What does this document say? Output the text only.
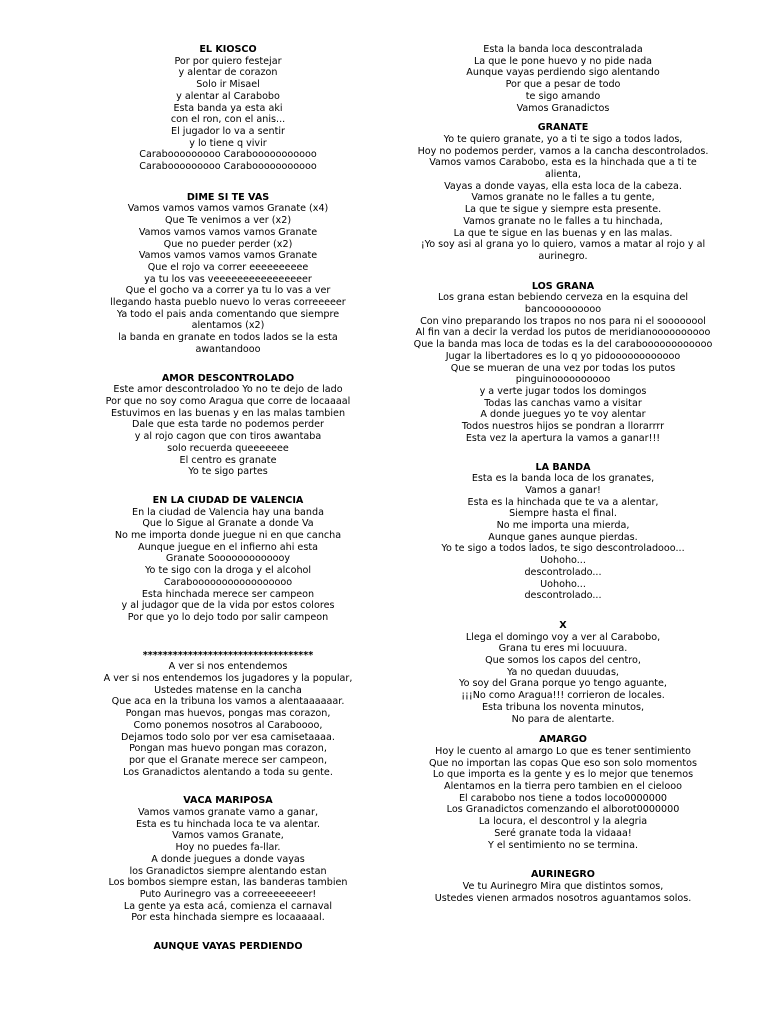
EL KIOSCO
Por por quiero festejar
y alentar de corazon
Solo ir Misael
y alentar al Carabobo
Esta banda ya esta aki
con el ron, con el anis...
El jugador lo va a sentir
y lo tiene q vivir
Carabooooooooo Carabooooooooooo
Carabooooooooo Carabooooooooooo
DIME SI TE VAS
Vamos vamos vamos vamos Granate (x4)
Que Te venimos a ver (x2)
Vamos vamos vamos vamos Granate
Que no pueder perder (x2)
Vamos vamos vamos vamos Granate
Que el rojo va correr eeeeeeeeee
ya tu los vas veeeeeeeeeeeeeeeer
Que el gocho va a correr ya tu lo vas a ver
llegando hasta pueblo nuevo lo veras correeeeer
Ya todo el pais anda comentando que siempre
alentamos (x2)
la banda en granate en todos lados se la esta
awantandooo
AMOR DESCONTROLADO
Este amor descontroladoo Yo no te dejo de lado
Por que no soy como Aragua que corre de locaaaal
Estuvimos en las buenas y en las malas tambien
Dale que esta tarde no podemos perder
y al rojo cagon que con tiros awantaba
solo recuerda queeeeeee
El centro es granate
Yo te sigo partes
EN LA CIUDAD DE VALENCIA
En la ciudad de Valencia hay una banda
Que lo Sigue al Granate a donde Va
No me importa donde juegue ni en que cancha
Aunque juegue en el infierno ahi esta
Granate Sooooooooooooy
Yo te sigo con la droga y el alcohol
Carabooooooooooooooooo
Esta hinchada merece ser campeon
y al judagor que de la vida por estos colores
Por que yo lo dejo todo por salir campeon
**********************************
A ver si nos entendemos
A ver si nos entendemos los jugadores y la popular,
Ustedes matense en la cancha
Que aca en la tribuna los vamos a alentaaaaaar.
Pongan mas huevos, pongas mas corazon,
Como ponemos nosotros al Caraboooo,
Dejamos todo solo por ver esa camisetaaaa.
Pongan mas huevo pongan mas corazon,
por que el Granate merece ser campeon,
Los Granadictos alentando a toda su gente.
VACA MARIPOSA
Vamos vamos granate vamo a ganar,
Esta es tu hinchada loca te va alentar.
Vamos vamos Granate,
Hoy no puedes fa-llar.
A donde juegues a donde vayas
los Granadictos siempre alentando estan
Los bombos siempre estan, las banderas tambien
Puto Aurinegro vas a correeeeeeeer!
La gente ya esta acá, comienza el carnaval
Por esta hinchada siempre es locaaaaal.
AUNQUE VAYAS PERDIENDO
Esta la banda loca descontralada
La que le pone huevo y no pide nada
Aunque vayas perdiendo sigo alentando
Por que a pesar de todo
te sigo amando
Vamos Granadictos
GRANATE
Yo te quiero granate, yo a ti te sigo a todos lados,
Hoy no podemos perder, vamos a la cancha descontrolados.
Vamos vamos Carabobo, esta es la hinchada que a ti te
alienta,
Vayas a donde vayas, ella esta loca de la cabeza.
Vamos granate no le falles a tu gente,
La que te sigue y siempre esta presente.
Vamos granate no le falles a tu hinchada,
La que te sigue en las buenas y en las malas.
¡Yo soy asi al grana yo lo quiero, vamos a matar al rojo y al
aurinegro.
LOS GRANA
Los grana estan bebiendo cerveza en la esquina del
bancooooooooo
Con vino preparando los trapos no nos para ni el soooooool
Al fin van a decir la verdad los putos de meridianoooooooooo
Que la banda mas loca de todas es la del caraboooooooooooo
Jugar la libertadores es lo q yo pidoooooooooooo
Que se mueran de una vez por todas los putos
pinguinoooooooooo
y a verte jugar todos los domingos
Todas las canchas vamo a visitar
A donde juegues yo te voy alentar
Todos nuestros hijos se pondran a llorarrrr
Esta vez la apertura la vamos a ganar!!!
LA BANDA
Esta es la banda loca de los granates,
Vamos a ganar!
Esta es la hinchada que te va a alentar,
Siempre hasta el final.
No me importa una mierda,
Aunque ganes aunque pierdas.
Yo te sigo a todos lados, te sigo descontroladooo...
Uohoho...
descontrolado...
Uohoho...
descontrolado...
X
Llega el domingo voy a ver al Carabobo,
Grana tu eres mi locuuura.
Que somos los capos del centro,
Ya no quedan duuudas,
Yo soy del Grana porque yo tengo aguante,
¡¡¡No como Aragua!!! corrieron de locales.
Esta tribuna los noventa minutos,
No para de alentarte.
AMARGO
Hoy le cuento al amargo Lo que es tener sentimiento
Que no importan las copas Que eso son solo momentos
Lo que importa es la gente y es lo mejor que tenemos
Alentamos en la tierra pero tambien en el cielooo
El carabobo nos tiene a todos loco0000000
Los Granadictos comenzando el alborot0000000
La locura, el descontrol y la alegria
Seré granate toda la vidaaa!
Y el sentimiento no se termina.
AURINEGRO
Ve tu Aurinegro Mira que distintos somos,
Ustedes vienen armados nosotros aguantamos solos.
